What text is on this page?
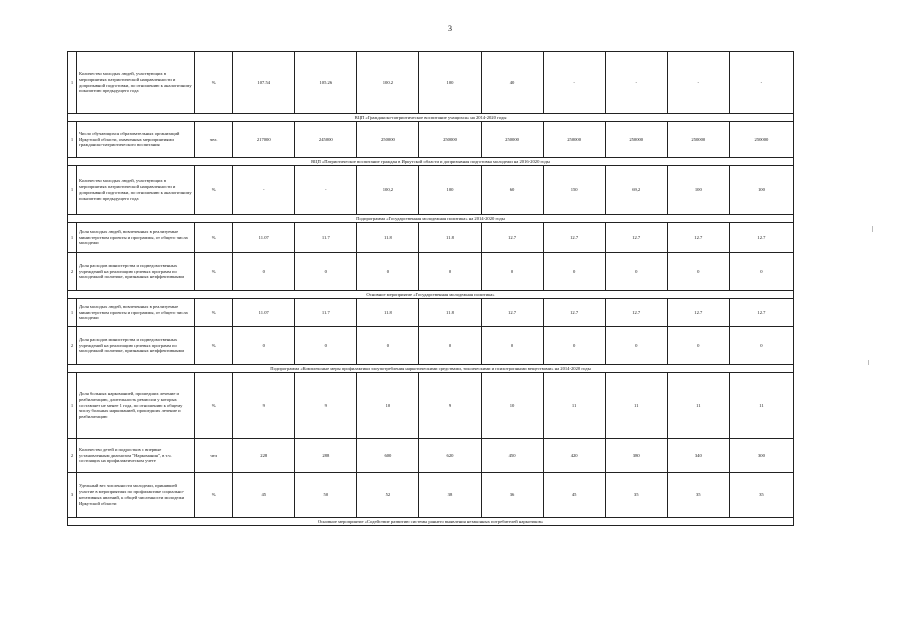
3
1	Количество молодых людей, участвующих в мероприятиях патриотической направленности и допризывной подготовки, по отношению к аналогичному показателю предыдущего года	%	107.54	105.26	100.2	100	40	-	-	-	-
ВЦП «Гражданско-патриотическое воспитание учащихся» на 2014-2020 годы											
1	Число обучающихся образовательных организаций Иркутской области, охваченных мероприятиями гражданско-патриотического воспитания	чел.	217000	245000	250000	250000	250000	250000	250000	250000	250000
ВЦП «Патриотическое воспитание граждан в Иркутской области и допризывная подготовка молодежи на 2016-2020 годы											
1	Количество молодых людей, участвующих в мероприятиях патриотической направленности и допризывной подготовки, по отношению к аналогичному показателю предыдущего года	%	-	-	100,2	100	60	150	69,2	100	100
Подпрограмма «Государственная молодежная политика» на 2014-2020 годы											
1	Доля молодых людей, вовлеченных в реализуемые министерством проекты и программы, от общего числа молодежи	%	11.07	11.7	11.8	11.8	12.7	12.7	12.7	12.7	12.7
2	Доля расходов министерства и подведомственных учреждений на реализацию целевых программ по молодежной политике, признанных неэффективными	%	0	0	0	0	0	0	0	0	0
Основное мероприятие «Государственная молодежная политика»											
1	Доля молодых людей, вовлеченных в реализуемые министерством проекты и программы, от общего числа молодежи	%	11.07	11.7	11.8	11.8	12.7	12.7	12.7	12.7	12.7
2	Доля расходов министерства и подведомственных учреждений на реализацию целевых программ по молодежной политике, признанных неэффективными	%	0	0	0	0	0	0	0	0	0
Подпрограмма «Комплексные меры профилактики злоупотребления наркотическими средствами, токсическими и психотропными веществами» на 2014-2020 годы											
1	Доля больных наркоманией, прошедших лечение и реабилитацию, длительность ремиссии у которых составляет не менее 1 года, по отношению к общему числу больных наркоманией, прошедших лечение и реабилитацию	%	9	9	10	9	10	11	11	11	11
2	Количество детей и подростков с впервые установленным диагнозом "Наркомания", в т.ч. состоящих на профилактическом учете	чел	228	288	600	620	450	420	380	340	300
3	Удельный вес численности молодежи, принявшей участие в мероприятиях по профилактике социально-негативных явлений, к общей численности молодежи Иркутской области	%	45	50	52	38	36	45	35	35	35
Основное мероприятие «Содействие развитию системы раннего выявления незаконных потребителей наркотиков»											
